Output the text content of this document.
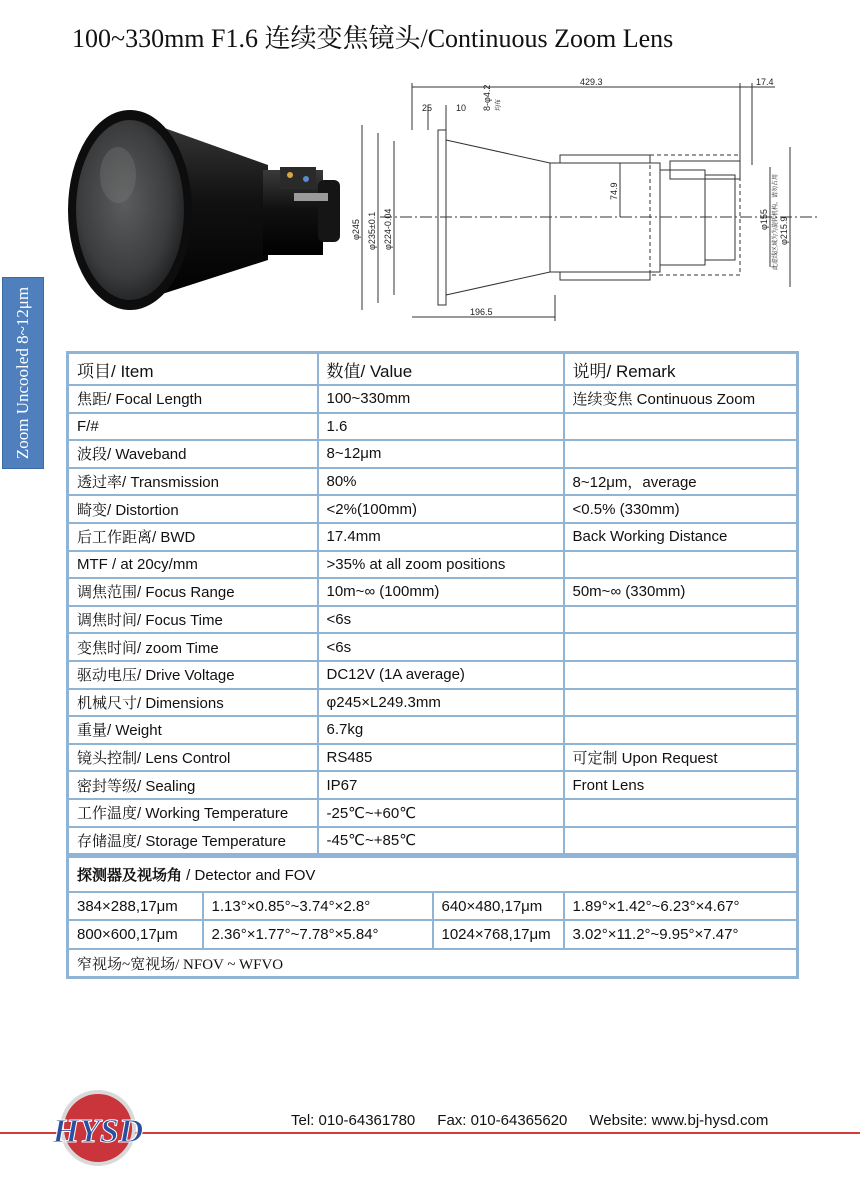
100~330mm F1.6 连续变焦镜头/Continuous Zoom Lens
Zoom Uncooled 8~12μm
429.3	17.4
25	10 8-φ4.2 均布
φ245 φ235±0.1 φ224-0.04
74.9
φ155 φ215.9
此虚线区域为为旋转机构，请勿占用
196.5
项目/ Item	数值/ Value	说明/ Remark
焦距/ Focal Length	100~330mm	连续变焦 Continuous Zoom
F/#	1.6	
波段/ Waveband	8~12μm	
透过率/ Transmission	80%	8~12μm，average
畸变/ Distortion	<2%(100mm)	<0.5% (330mm)
后工作距离/ BWD	17.4mm	Back Working Distance
MTF / at 20cy/mm	>35% at all zoom positions	
调焦范围/ Focus Range	10m~∞ (100mm)	50m~∞ (330mm)
调焦时间/ Focus Time	<6s	
变焦时间/ zoom Time	<6s	
驱动电压/ Drive Voltage	DC12V (1A average)	
机械尺寸/ Dimensions	φ245×L249.3mm	
重量/ Weight	6.7kg	
镜头控制/ Lens Control	RS485	可定制 Upon Request
密封等级/ Sealing	IP67	Front Lens
工作温度/ Working Temperature	-25℃~+60℃	
存储温度/ Storage Temperature	-45℃~+85℃	
探测器及视场角 / Detector and FOV			
384×288,17μm	1.13°×0.85°~3.74°×2.8°	640×480,17μm	1.89°×1.42°~6.23°×4.67°
800×600,17μm	2.36°×1.77°~7.78°×5.84°	1024×768,17μm	3.02°×11.2°~9.95°×7.47°
窄视场~宽视场/ NFOV ~ WFVO			
HYSD	Tel: 010-64361780 Fax: 010-64365620 Website: www.bj-hysd.com
